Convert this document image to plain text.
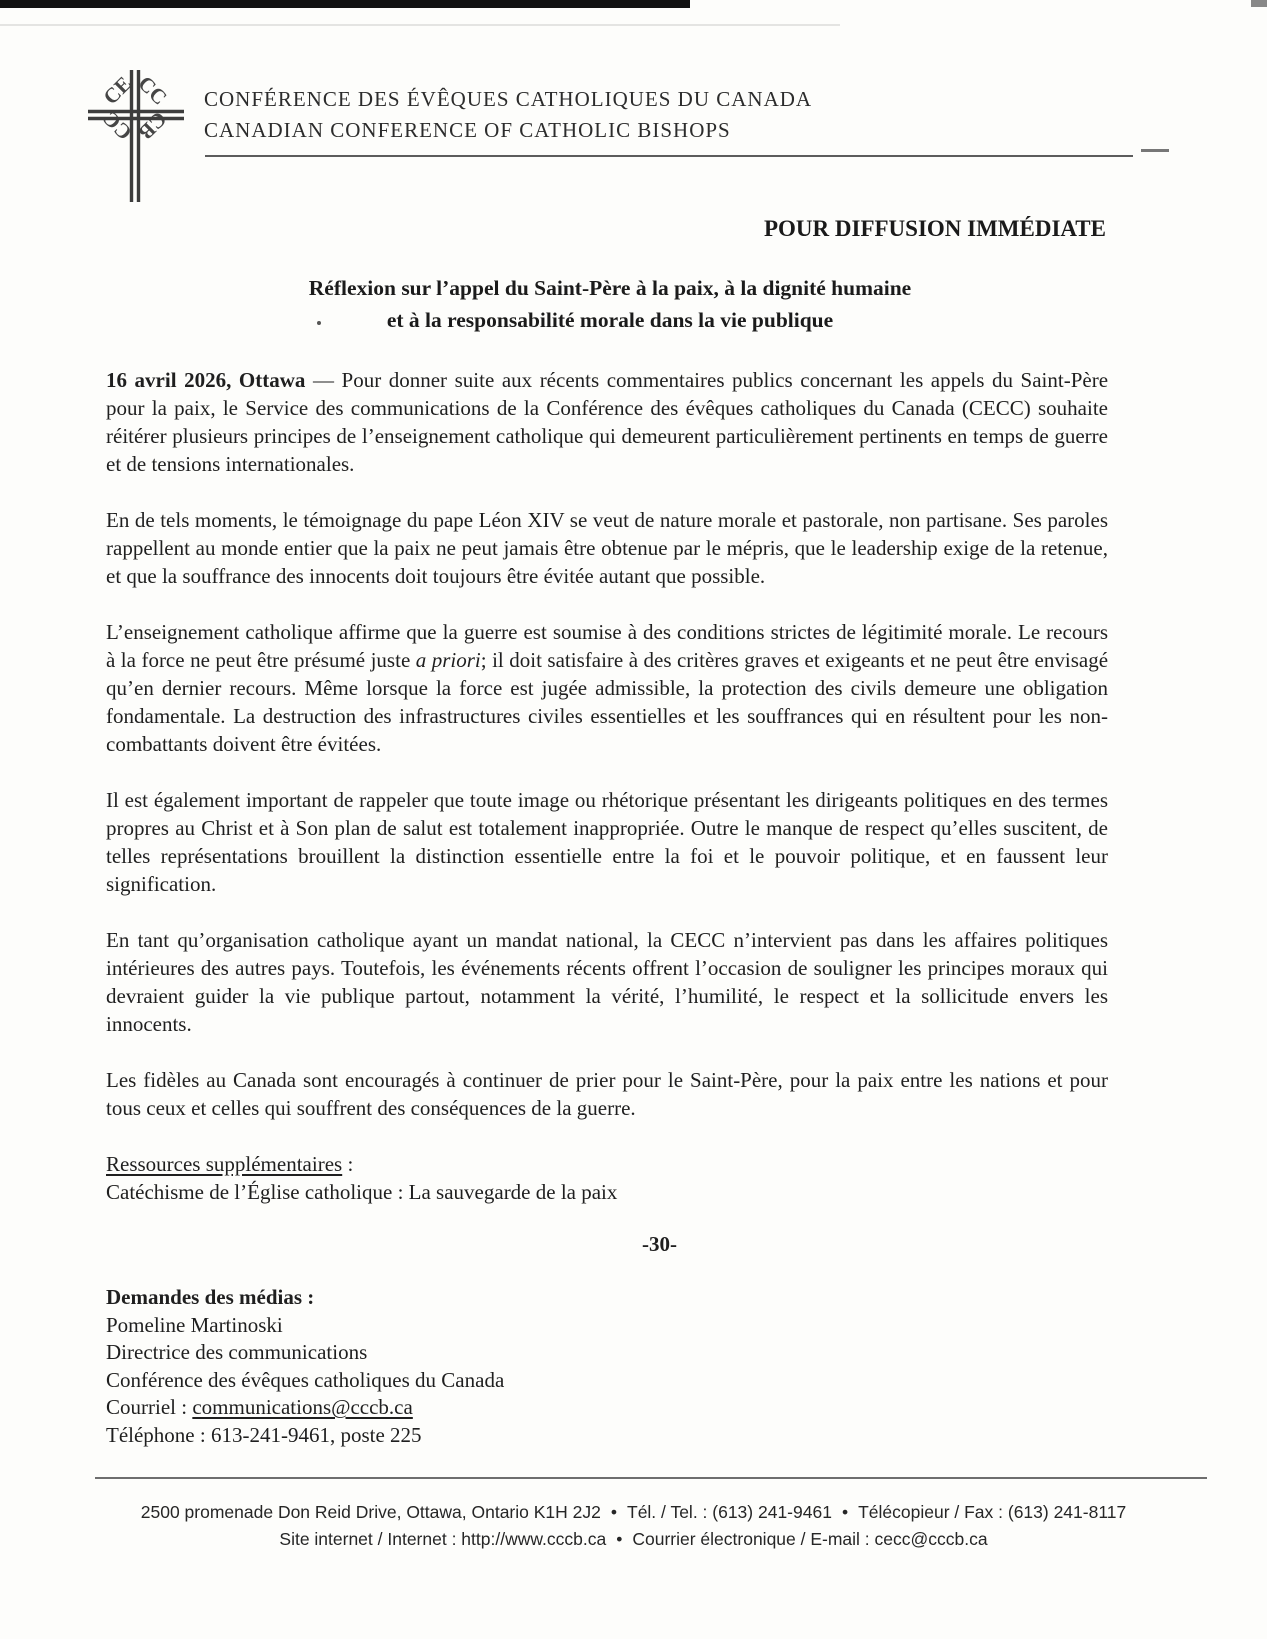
CE
CC
CC
CB
CONFÉRENCE DES ÉVÊQUES CATHOLIQUES DU CANADA
CANADIAN CONFERENCE OF CATHOLIC BISHOPS
POUR DIFFUSION IMMÉDIATE
Réflexion sur l’appel du Saint-Père à la paix, à la dignité humaine
et à la responsabilité morale dans la vie publique

16 avril 2026, Ottawa — Pour donner suite aux récents commentaires publics concernant les appels du Saint-Père pour la paix, le Service des communications de la Conférence des évêques catholiques du Canada (CECC) souhaite réitérer plusieurs principes de l’enseignement catholique qui demeurent particulièrement pertinents en temps de guerre et de tensions internationales.

En de tels moments, le témoignage du pape Léon XIV se veut de nature morale et pastorale, non partisane. Ses paroles rappellent au monde entier que la paix ne peut jamais être obtenue par le mépris, que le leadership exige de la retenue, et que la souffrance des innocents doit toujours être évitée autant que possible.

L’enseignement catholique affirme que la guerre est soumise à des conditions strictes de légitimité morale. Le recours à la force ne peut être présumé juste a priori; il doit satisfaire à des critères graves et exigeants et ne peut être envisagé qu’en dernier recours. Même lorsque la force est jugée admissible, la protection des civils demeure une obligation fondamentale. La destruction des infrastructures civiles essentielles et les souffrances qui en résultent pour les non-combattants doivent être évitées.

Il est également important de rappeler que toute image ou rhétorique présentant les dirigeants politiques en des termes propres au Christ et à Son plan de salut est totalement inappropriée. Outre le manque de respect qu’elles suscitent, de telles représentations brouillent la distinction essentielle entre la foi et le pouvoir politique, et en faussent leur signification.

En tant qu’organisation catholique ayant un mandat national, la CECC n’intervient pas dans les affaires politiques intérieures des autres pays. Toutefois, les événements récents offrent l’occasion de souligner les principes moraux qui devraient guider la vie publique partout, notamment la vérité, l’humilité, le respect et la sollicitude envers les innocents.

Les fidèles au Canada sont encouragés à continuer de prier pour le Saint-Père, pour la paix entre les nations et pour tous ceux et celles qui souffrent des conséquences de la guerre.

Ressources supplémentaires :
Catéchisme de l’Église catholique : La sauvegarde de la paix

-30-
Demandes des médias :
Pomeline Martinoski
Directrice des communications
Conférence des évêques catholiques du Canada
Courriel : communications@cccb.ca
Téléphone : 613-241-9461, poste 225
2500 promenade Don Reid Drive, Ottawa, Ontario K1H 2J2 • Tél. / Tel. : (613) 241-9461 • Télécopieur / Fax : (613) 241-8117
Site internet / Internet : http://www.cccb.ca • Courrier électronique / E-mail : cecc@cccb.ca
